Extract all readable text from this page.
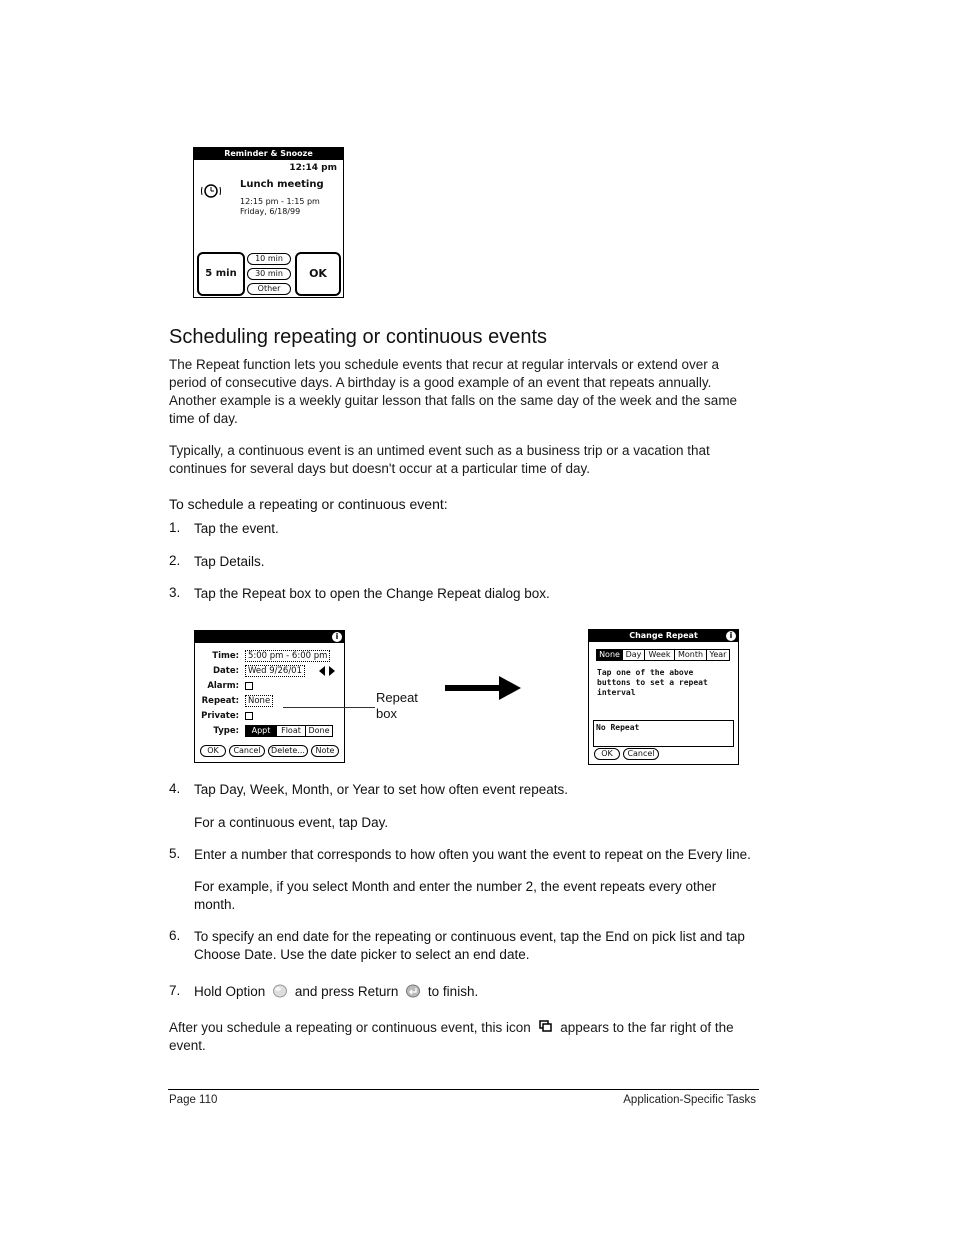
Reminder & Snooze
12:14 pm
Lunch meeting
12:15 pm - 1:15 pm
Friday, 6/18/99
5 min
10 min
30 min
Other
OK
Scheduling repeating or continuous events
The Repeat function lets you schedule events that recur at regular intervals or extend over a period of consecutive days. A birthday is a good example of an event that repeats annually. Another example is a weekly guitar lesson that falls on the same day of the week and the same time of day.
Typically, a continuous event is an untimed event such as a business trip or a vacation that continues for several days but doesn't occur at a particular time of day.
To schedule a repeating or continuous event:
1. Tap the event.
2. Tap Details.
3. Tap the Repeat box to open the Change Repeat dialog box.
i
Time:	5:00 pm - 6:00 pm
Date:	Wed 9/26/01
Alarm:
Repeat:	None
Private:
Type:	Appt	Float Done
OK	Cancel	Delete...	Note
Repeat
box
Change Repeat	i
None Day Week Month Year
Tap one of the above
buttons to set a repeat
interval
No Repeat
OK	Cancel
4. Tap Day, Week, Month, or Year to set how often event repeats.
For a continuous event, tap Day.
5. Enter a number that corresponds to how often you want the event to repeat on the Every line.
For example, if you select Month and enter the number 2, the event repeats every other month.
6. To specify an end date for the repeating or continuous event, tap the End on pick list and tap Choose Date. Use the date picker to select an end date.
7. Hold Option and press Return to finish.
After you schedule a repeating or continuous event, this icon appears to the far right of the event.
Page 110	Application-Specific Tasks
